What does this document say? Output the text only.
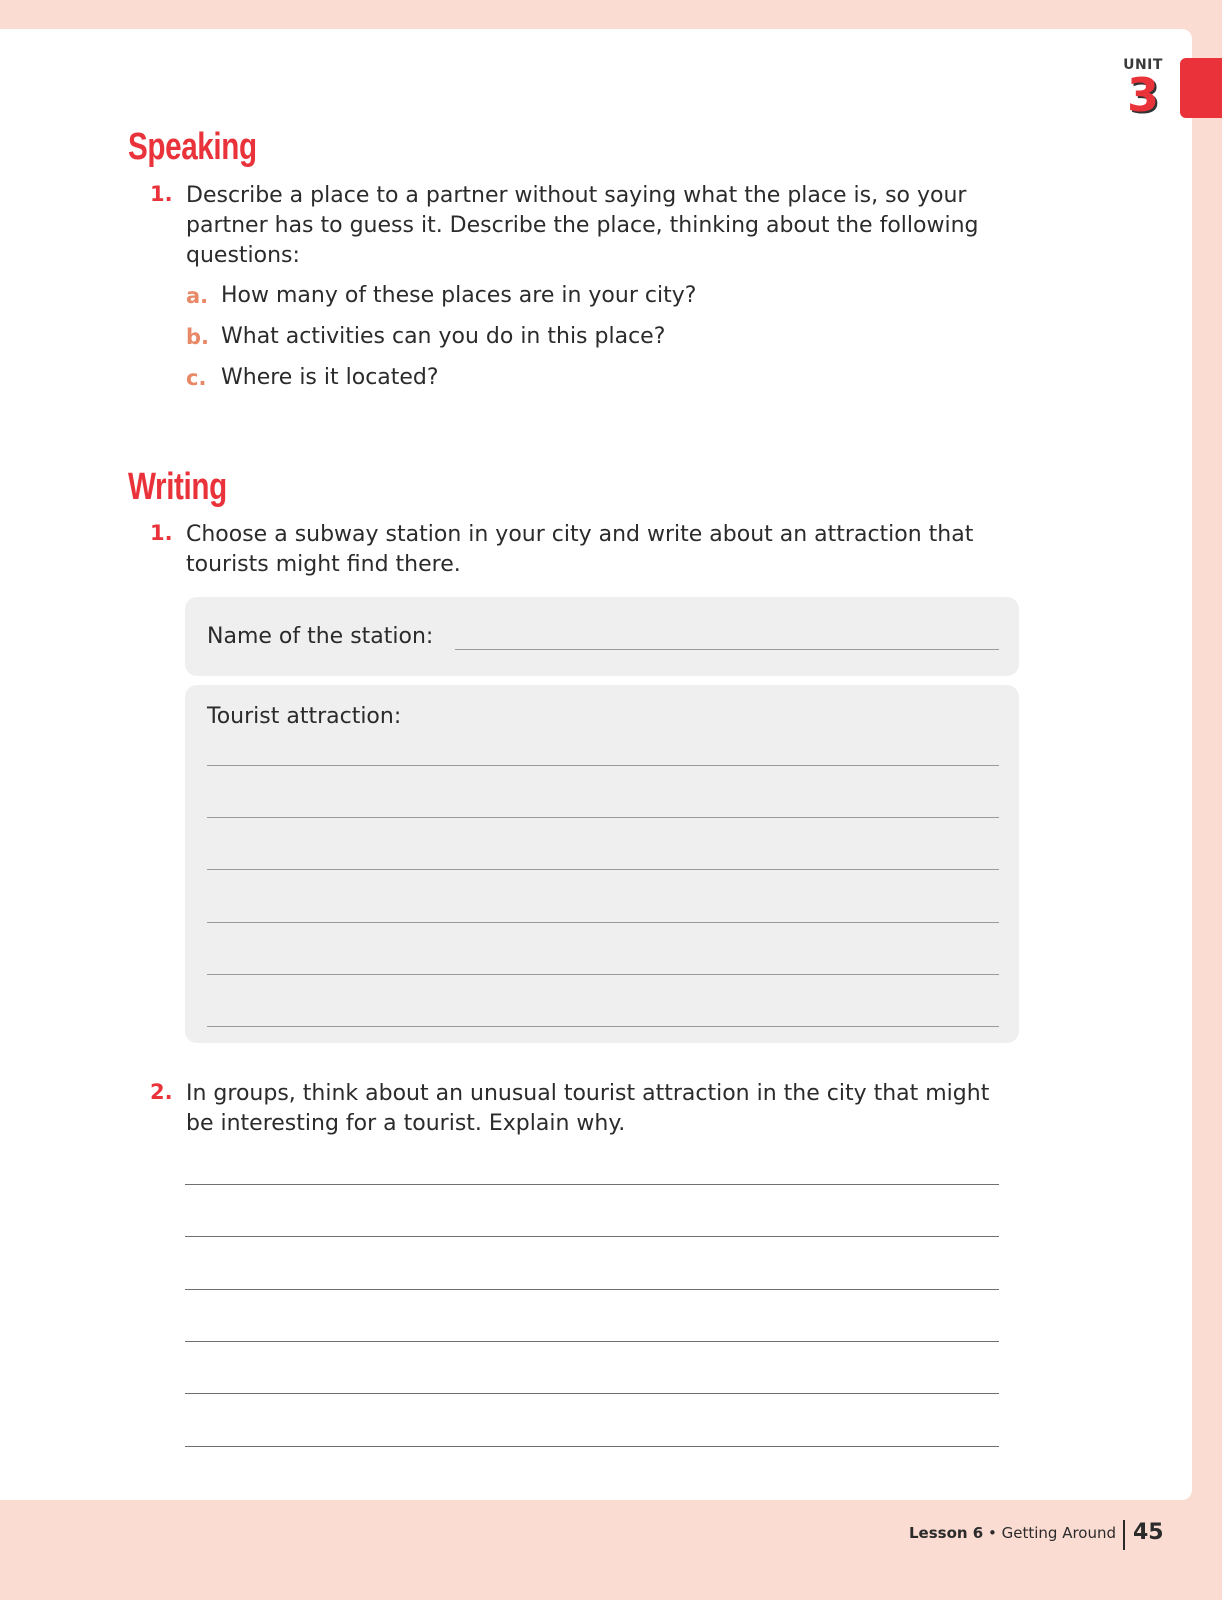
UNIT
3
Speaking
1. Describe a place to a partner without saying what the place is, so your partner has to guess it. Describe the place, thinking about the following questions:
a. How many of these places are in your city?
b. What activities can you do in this place?
c. Where is it located?
Writing
1. Choose a subway station in your city and write about an attraction that tourists might find there.
Name of the station:
Tourist attraction:
2. In groups, think about an unusual tourist attraction in the city that might be interesting for a tourist. Explain why.
Lesson 6 • Getting Around 45
